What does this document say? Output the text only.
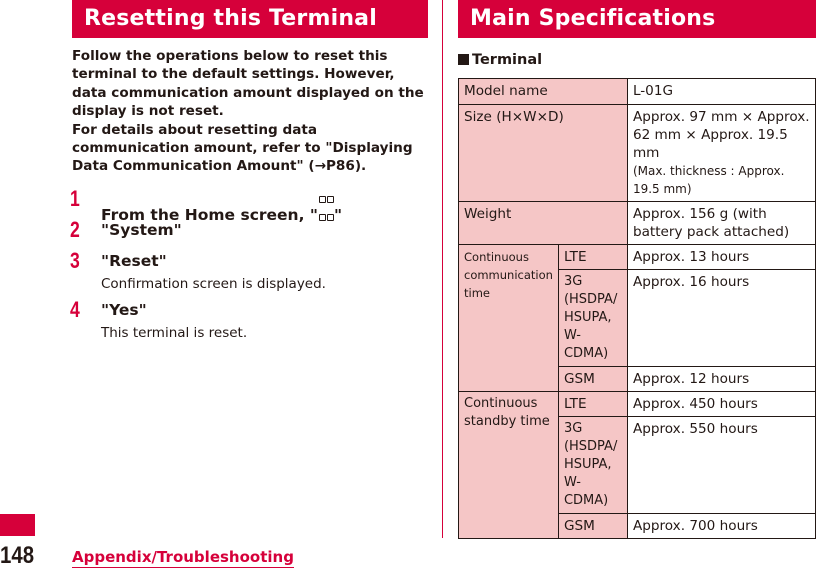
Resetting this Terminal	Main Specifications

Follow the operations below to reset this terminal to the default settings. However, data communication amount displayed on the display is not reset.

For details about resetting data communication amount, refer to "Displaying Data Communication Amount" (→P86).

1
From the Home screen, " "
2 "System"
3 "Reset"
Confirmation screen is displayed.
4 "Yes"
This terminal is reset.
Terminal
Model name		L-01G
Size (H×W×D)		Approx. 97 mm × Approx. 62 mm × Approx. 19.5 mm
(Max. thickness : Approx. 19.5 mm)
Weight		Approx. 156 g (with battery pack attached)
Continuous communication time	LTE	Approx. 13 hours
	3G (HSDPA/ HSUPA, W-CDMA)	Approx. 16 hours
	GSM	Approx. 12 hours
Continuous standby time	LTE	Approx. 450 hours
	3G (HSDPA/ HSUPA, W-CDMA)	Approx. 550 hours
	GSM	Approx. 700 hours
148	Appendix/Troubleshooting
